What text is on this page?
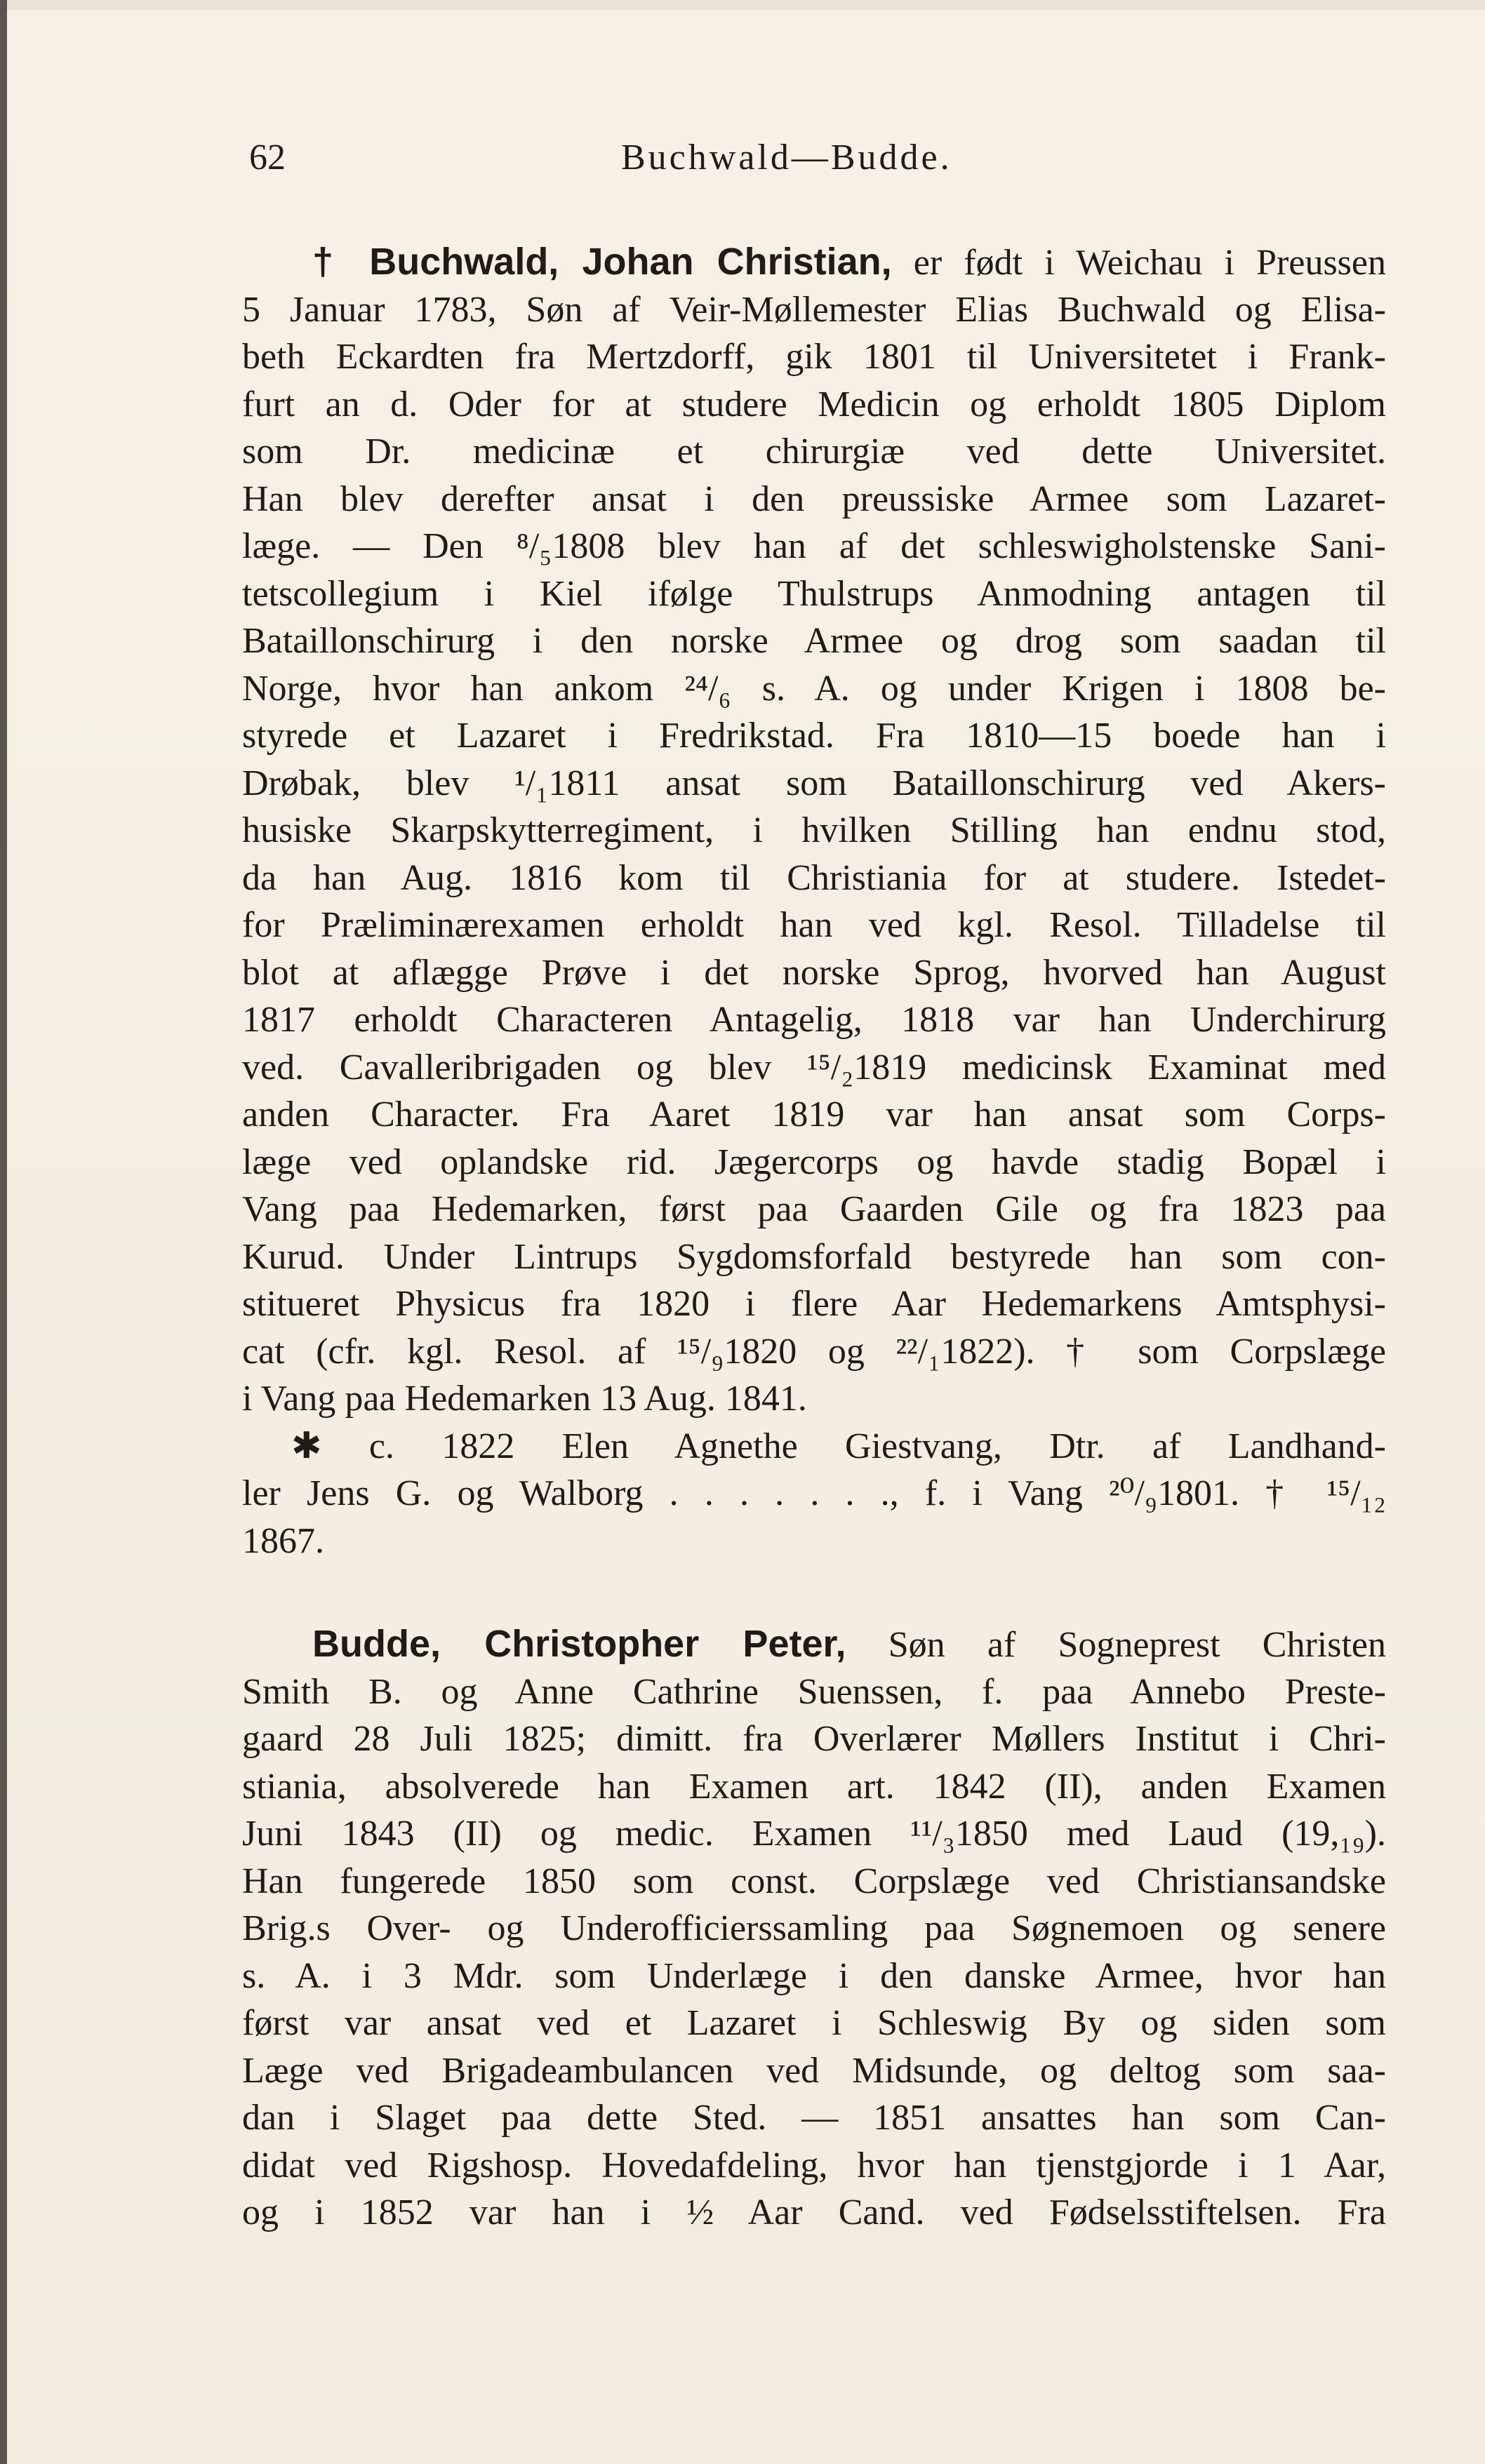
62	Buchwald—Budde.
† Buchwald, Johan Christian, er født i Weichau i Preussen
5 Januar 1783, Søn af Veir-Møllemester Elias Buchwald og Elisa-
beth Eckardten fra Mertzdorff, gik 1801 til Universitetet i Frank-
furt an d. Oder for at studere Medicin og erholdt 1805 Diplom
som Dr. medicinæ et chirurgiæ ved dette Universitet.
Han blev derefter ansat i den preussiske Armee som Lazaret-
læge. — Den ⁸/₅1808 blev han af det schleswigholstenske Sani-
tetscollegium i Kiel ifølge Thulstrups Anmodning antagen til
Bataillonschirurg i den norske Armee og drog som saadan til
Norge, hvor han ankom ²⁴/₆ s. A. og under Krigen i 1808 be-
styrede et Lazaret i Fredrikstad. Fra 1810—15 boede han i
Drøbak, blev ¹/₁1811 ansat som Bataillonschirurg ved Akers-
husiske Skarpskytterregiment, i hvilken Stilling han endnu stod,
da han Aug. 1816 kom til Christiania for at studere. Istedet-
for Præliminærexamen erholdt han ved kgl. Resol. Tilladelse til
blot at aflægge Prøve i det norske Sprog, hvorved han August
1817 erholdt Characteren Antagelig, 1818 var han Underchirurg
ved. Cavalleribrigaden og blev ¹⁵/₂1819 medicinsk Examinat med
anden Character. Fra Aaret 1819 var han ansat som Corps-
læge ved oplandske rid. Jægercorps og havde stadig Bopæl i
Vang paa Hedemarken, først paa Gaarden Gile og fra 1823 paa
Kurud. Under Lintrups Sygdomsforfald bestyrede han som con-
stitueret Physicus fra 1820 i flere Aar Hedemarkens Amtsphysi-
cat (cfr. kgl. Resol. af ¹⁵/₉1820 og ²²/₁1822). † som Corpslæge
i Vang paa Hedemarken 13 Aug. 1841.
✱ c. 1822 Elen Agnethe Giestvang, Dtr. af Landhand-
ler Jens G. og Walborg . . . . . . ., f. i Vang ²⁰/₉1801. † ¹⁵/₁₂
1867.
Budde, Christopher Peter, Søn af Sogneprest Christen
Smith B. og Anne Cathrine Suenssen, f. paa Annebo Preste-
gaard 28 Juli 1825; dimitt. fra Overlærer Møllers Institut i Chri-
stiania, absolverede han Examen art. 1842 (II), anden Examen
Juni 1843 (II) og medic. Examen ¹¹/₃1850 med Laud (19,₁₉).
Han fungerede 1850 som const. Corpslæge ved Christiansandske
Brig.s Over- og Underofficierssamling paa Søgnemoen og senere
s. A. i 3 Mdr. som Underlæge i den danske Armee, hvor han
først var ansat ved et Lazaret i Schleswig By og siden som
Læge ved Brigadeambulancen ved Midsunde, og deltog som saa-
dan i Slaget paa dette Sted. — 1851 ansattes han som Can-
didat ved Rigshosp. Hovedafdeling, hvor han tjenstgjorde i 1 Aar,
og i 1852 var han i ½ Aar Cand. ved Fødselsstiftelsen. Fra
